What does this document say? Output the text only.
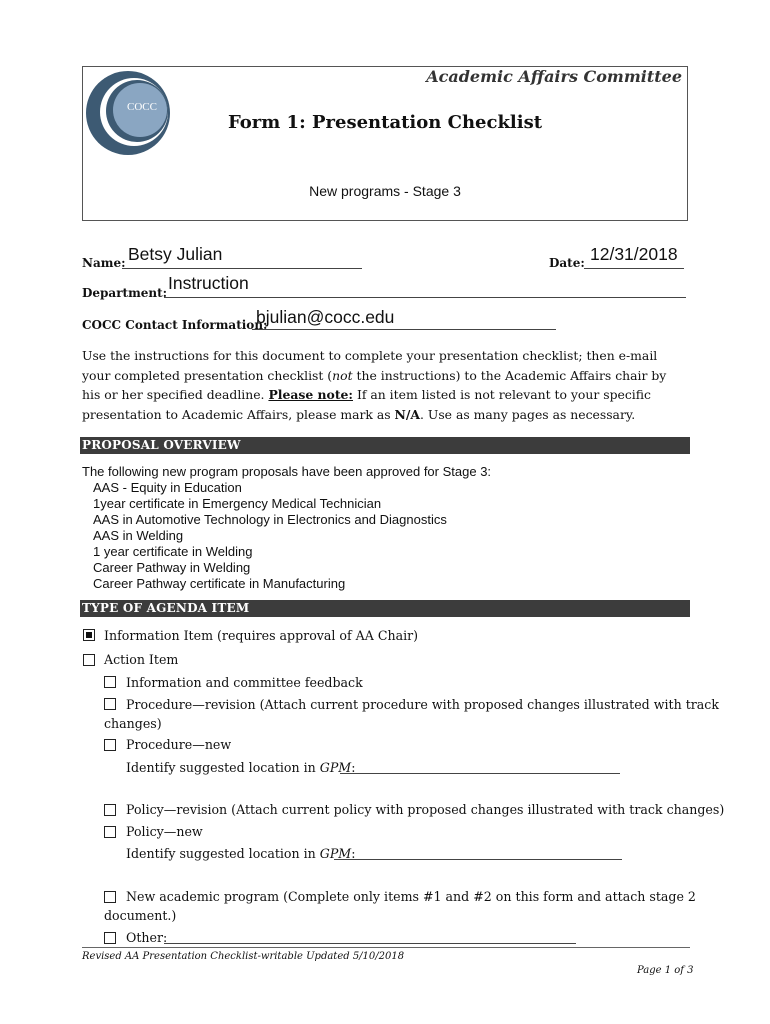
COCC
Academic Affairs Committee
Form 1: Presentation Checklist
New programs - Stage 3
Name: Betsy Julian	Date: 12/31/2018
Department: Instruction
COCC Contact Information:
bjulian@cocc.edu
Use the instructions for this document to complete your presentation checklist; then e-mail your completed presentation checklist (not the instructions) to the Academic Affairs chair by his or her specified deadline. Please note: If an item listed is not relevant to your specific presentation to Academic Affairs, please mark as N/A. Use as many pages as necessary.
PROPOSAL OVERVIEW
The following new program proposals have been approved for Stage 3:
AAS - Equity in Education
1year certificate in Emergency Medical Technician
AAS in Automotive Technology in Electronics and Diagnostics
AAS in Welding
1 year certificate in Welding
Career Pathway in Welding
Career Pathway certificate in Manufacturing
TYPE OF AGENDA ITEM
Information Item (requires approval of AA Chair)
Action Item
Information and committee feedback
Procedure—revision (Attach current procedure with proposed changes illustrated with track
changes)
Procedure—new
Identify suggested location in GPM:
Policy—revision (Attach current policy with proposed changes illustrated with track changes)
Policy—new
Identify suggested location in GPM:
New academic program (Complete only items #1 and #2 on this form and attach stage 2
document.)
Other:
Revised AA Presentation Checklist-writable Updated 5/10/2018
Page 1 of 3
